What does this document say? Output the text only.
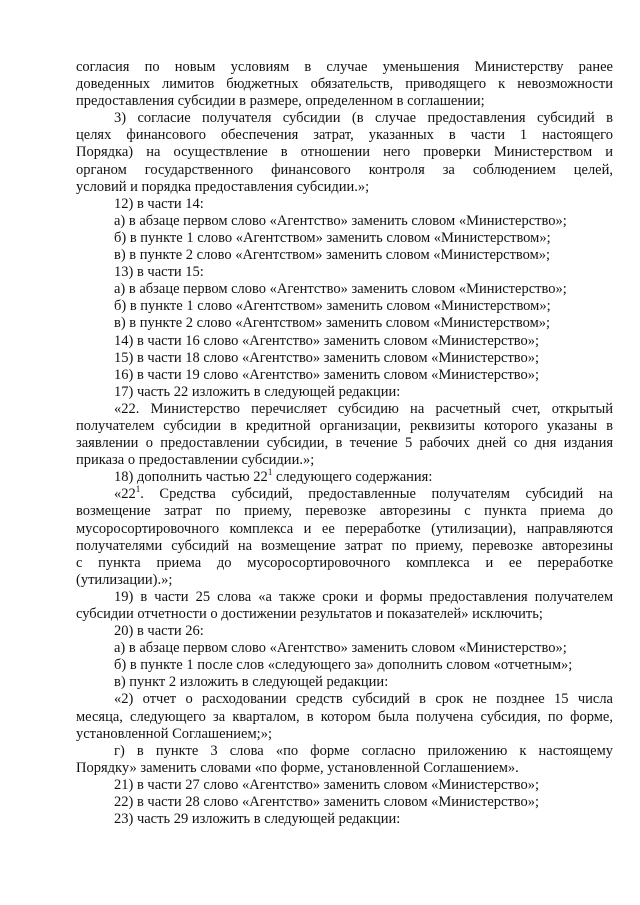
согласия по новым условиям в случае уменьшения Министерству ранее

доведенных лимитов бюджетных обязательств, приводящего к невозможности

предоставления субсидии в размере, определенном в соглашении;

3) согласие получателя субсидии (в случае предоставления субсидий в

целях финансового обеспечения затрат, указанных в части 1 настоящего

Порядка) на осуществление в отношении него проверки Министерством и

органом государственного финансового контроля за соблюдением целей,

условий и порядка предоставления субсидии.»;

12) в части 14:

а) в абзаце первом слово «Агентство» заменить словом «Министерство»;

б) в пункте 1 слово «Агентством» заменить словом «Министерством»;

в) в пункте 2 слово «Агентством» заменить словом «Министерством»;

13) в части 15:

а) в абзаце первом слово «Агентство» заменить словом «Министерство»;

б) в пункте 1 слово «Агентством» заменить словом «Министерством»;

в) в пункте 2 слово «Агентством» заменить словом «Министерством»;

14) в части 16 слово «Агентство» заменить словом «Министерство»;

15) в части 18 слово «Агентство» заменить словом «Министерство»;

16) в части 19 слово «Агентство» заменить словом «Министерство»;

17) часть 22 изложить в следующей редакции:

«22. Министерство перечисляет субсидию на расчетный счет, открытый

получателем субсидии в кредитной организации, реквизиты которого указаны в

заявлении о предоставлении субсидии, в течение 5 рабочих дней со дня издания

приказа о предоставлении субсидии.»;

18) дополнить частью $22^1$ следующего содержания:

«$22^1$. Средства субсидий, предоставленные получателям субсидий на

возмещение затрат по приему, перевозке авторезины с пункта приема до

мусоросортировочного комплекса и ее переработке (утилизации), направляются

получателями субсидий на возмещение затрат по приему, перевозке авторезины

с пункта приема до мусоросортировочного комплекса и ее переработке

(утилизации).»;

19) в части 25 слова «а также сроки и формы предоставления получателем

субсидии отчетности о достижении результатов и показателей» исключить;

20) в части 26:

а) в абзаце первом слово «Агентство» заменить словом «Министерство»;

б) в пункте 1 после слов «следующего за» дополнить словом «отчетным»;

в) пункт 2 изложить в следующей редакции:

«2) отчет о расходовании средств субсидий в срок не позднее 15 числа

месяца, следующего за кварталом, в котором была получена субсидия, по форме,

установленной Соглашением;»;

г) в пункте 3 слова «по форме согласно приложению к настоящему

Порядку» заменить словами «по форме, установленной Соглашением».

21) в части 27 слово «Агентство» заменить словом «Министерство»;

22) в части 28 слово «Агентство» заменить словом «Министерство»;

23) часть 29 изложить в следующей редакции:
